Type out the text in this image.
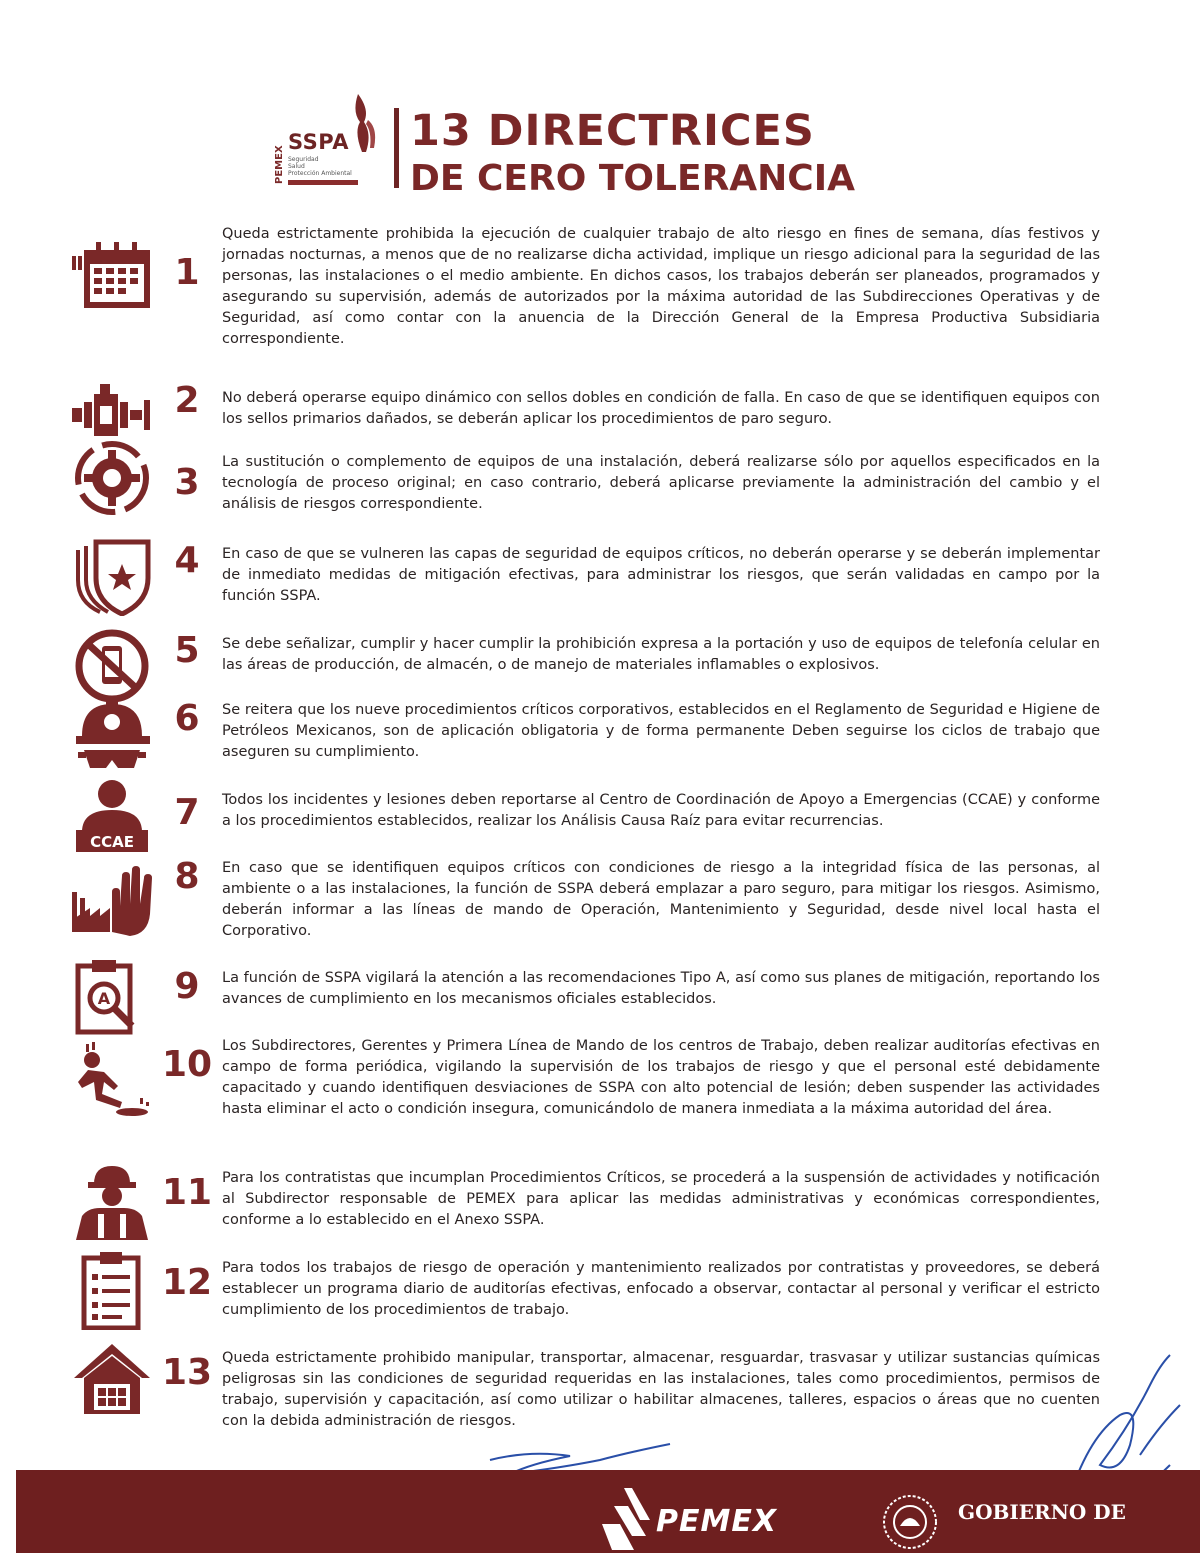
PEMEX
SSPA
Seguridad
Salud
Protección Ambiental
13 DIRECTRICES
DE CERO TOLERANCIA
1
Queda estrictamente prohibida la ejecución de cualquier trabajo de alto riesgo en fines de semana, días festivos y jornadas nocturnas, a menos que de no realizarse dicha actividad, implique un riesgo adicional para la seguridad de las personas, las instalaciones o el medio ambiente. En dichos casos, los trabajos deberán ser planeados, programados y asegurando su supervisión, además de autorizados por la máxima autoridad de las Subdirecciones Operativas y de Seguridad, así como contar con la anuencia de la Dirección General de la Empresa Productiva Subsidiaria correspondiente.
2	No deberá operarse equipo dinámico con sellos dobles en condición de falla. En caso de que se identifiquen equipos con los sellos primarios dañados, se deberán aplicar los procedimientos de paro seguro.
3	La sustitución o complemento de equipos de una instalación, deberá realizarse sólo por aquellos especificados en la tecnología de proceso original; en caso contrario, deberá aplicarse previamente la administración del cambio y el análisis de riesgos correspondiente.
4	En caso de que se vulneren las capas de seguridad de equipos críticos, no deberán operarse y se deberán implementar de inmediato medidas de mitigación efectivas, para administrar los riesgos, que serán validadas en campo por la función SSPA.
5	Se debe señalizar, cumplir y hacer cumplir la prohibición expresa a la portación y uso de equipos de telefonía celular en las áreas de producción, de almacén, o de manejo de materiales inflamables o explosivos.
6	Se reitera que los nueve procedimientos críticos corporativos, establecidos en el Reglamento de Seguridad e Higiene de Petróleos Mexicanos, son de aplicación obligatoria y de forma permanente Deben seguirse los ciclos de trabajo que aseguren su cumplimiento.
CCAE
7	Todos los incidentes y lesiones deben reportarse al Centro de Coordinación de Apoyo a Emergencias (CCAE) y conforme a los procedimientos establecidos, realizar los Análisis Causa Raíz para evitar recurrencias.
8	En caso que se identifiquen equipos críticos con condiciones de riesgo a la integridad física de las personas, al ambiente o a las instalaciones, la función de SSPA deberá emplazar a paro seguro, para mitigar los riesgos. Asimismo, deberán informar a las líneas de mando de Operación, Mantenimiento y Seguridad, desde nivel local hasta el Corporativo.
A	9	La función de SSPA vigilará la atención a las recomendaciones Tipo A, así como sus planes de mitigación, reportando los avances de cumplimiento en los mecanismos oficiales establecidos.
10 Los Subdirectores, Gerentes y Primera Línea de Mando de los centros de Trabajo, deben realizar auditorías efectivas en campo de forma periódica, vigilando la supervisión de los trabajos de riesgo y que el personal esté debidamente capacitado y cuando identifiquen desviaciones de SSPA con alto potencial de lesión; deben suspender las actividades hasta eliminar el acto o condición insegura, comunicándolo de manera inmediata a la máxima autoridad del área.
11 Para los contratistas que incumplan Procedimientos Críticos, se procederá a la suspensión de actividades y notificación al Subdirector responsable de PEMEX para aplicar las medidas administrativas y económicas correspondientes, conforme a lo establecido en el Anexo SSPA.
12 Para todos los trabajos de riesgo de operación y mantenimiento realizados por contratistas y proveedores, se deberá establecer un programa diario de auditorías efectivas, enfocado a observar, contactar al personal y verificar el estricto cumplimiento de los procedimientos de trabajo.
13 Queda estrictamente prohibido manipular, transportar, almacenar, resguardar, trasvasar y utilizar sustancias químicas peligrosas sin las condiciones de seguridad requeridas en las instalaciones, tales como procedimientos, permisos de trabajo, supervisión y capacitación, así como utilizar o habilitar almacenes, talleres, espacios o áreas que no cuenten con la debida administración de riesgos.
PEMEX	GOBIERNO DE
